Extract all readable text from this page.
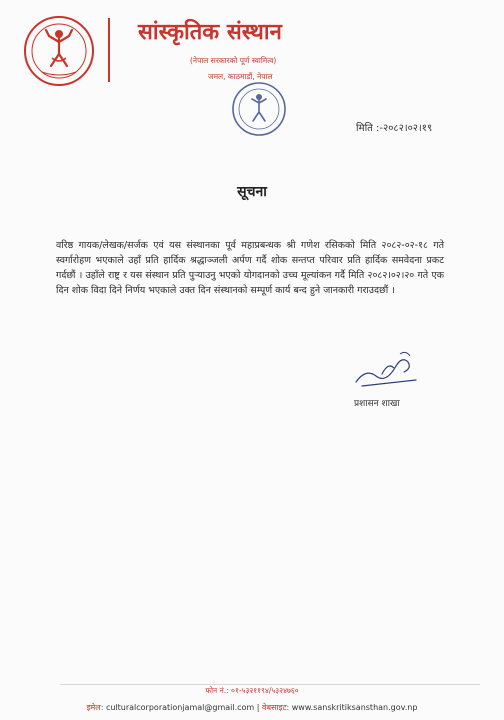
सांस्कृतिक संस्थान
(नेपाल सरकारको पूर्ण स्वामित्व)
जमल, काठमाडौं, नेपाल
मिति :-२०८२।०२।१९
सूचना

वरिष्ठ गायक/लेखक/सर्जक एवं यस संस्थानका पूर्व महाप्रबन्धक श्री गणेश रसिकको मिति २०८२-०२-१८ गते स्वर्गारोहण भएकाले उहाँ प्रति हार्दिक श्रद्धाञ्जली अर्पण गर्दै शोक सन्तप्त परिवार प्रति हार्दिक समवेदना प्रकट गर्दछौं । उहाँले राष्ट्र र यस संस्थान प्रति पुऱ्याउनु भएको योगदानको उच्च मूल्यांकन गर्दै मिति २०८२।०२।२० गते एक दिन शोक विदा दिने निर्णय भएकाले उक्त दिन संस्थानको सम्पूर्ण कार्य बन्द हुने जानकारी गराउदछौं ।

प्रशासन शाखा
फोन नं.: ०१-५३२११९४/५३२४७६०
इमेल: culturalcorporationjamal@gmail.com | वेबसाइट: www.sanskritiksansthan.gov.np
